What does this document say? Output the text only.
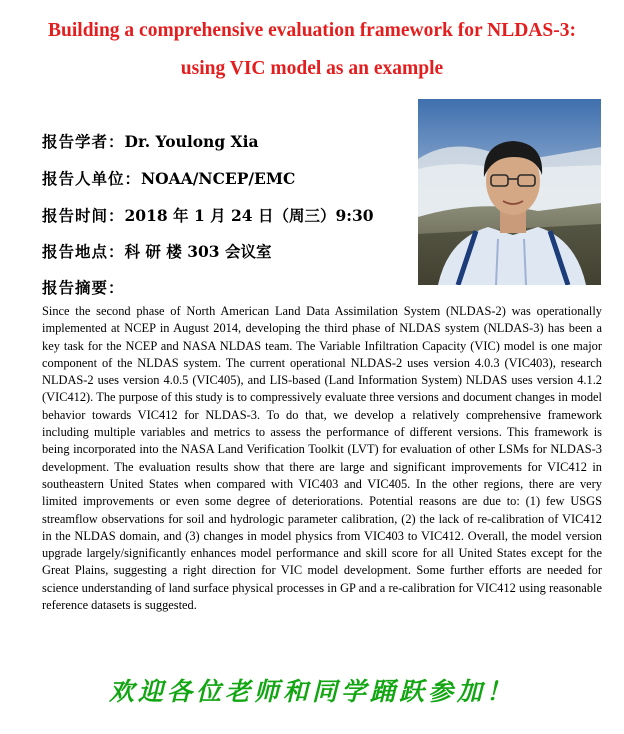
Building a comprehensive evaluation framework for NLDAS-3:
using VIC model as an example
报告学者：Dr. Youlong Xia
报告人单位：NOAA/NCEP/EMC
报告时间：2018 年 1 月 24 日（周三）9:30
报告地点：科 研 楼 303 会议室
报告摘要：
Since the second phase of North American Land Data Assimilation System (NLDAS-2) was operationally implemented at NCEP in August 2014, developing the third phase of NLDAS system (NLDAS-3) has been a key task for the NCEP and NASA NLDAS team. The Variable Infiltration Capacity (VIC) model is one major component of the NLDAS system. The current operational NLDAS-2 uses version 4.0.3 (VIC403), research NLDAS-2 uses version 4.0.5 (VIC405), and LIS-based (Land Information System) NLDAS uses version 4.1.2 (VIC412). The purpose of this study is to compressively evaluate three versions and document changes in model behavior towards VIC412 for NLDAS-3. To do that, we develop a relatively comprehensive framework including multiple variables and metrics to assess the performance of different versions. This framework is being incorporated into the NASA Land Verification Toolkit (LVT) for evaluation of other LSMs for NLDAS-3 development. The evaluation results show that there are large and significant improvements for VIC412 in southeastern United States when compared with VIC403 and VIC405. In the other regions, there are very limited improvements or even some degree of deteriorations. Potential reasons are due to: (1) few USGS streamflow observations for soil and hydrologic parameter calibration, (2) the lack of re-calibration of VIC412 in the NLDAS domain, and (3) changes in model physics from VIC403 to VIC412. Overall, the model version upgrade largely/significantly enhances model performance and skill score for all United States except for the Great Plains, suggesting a right direction for VIC model development. Some further efforts are needed for science understanding of land surface physical processes in GP and a re-calibration for VIC412 using reasonable reference datasets is suggested.
欢迎各位老师和同学踊跃参加！
